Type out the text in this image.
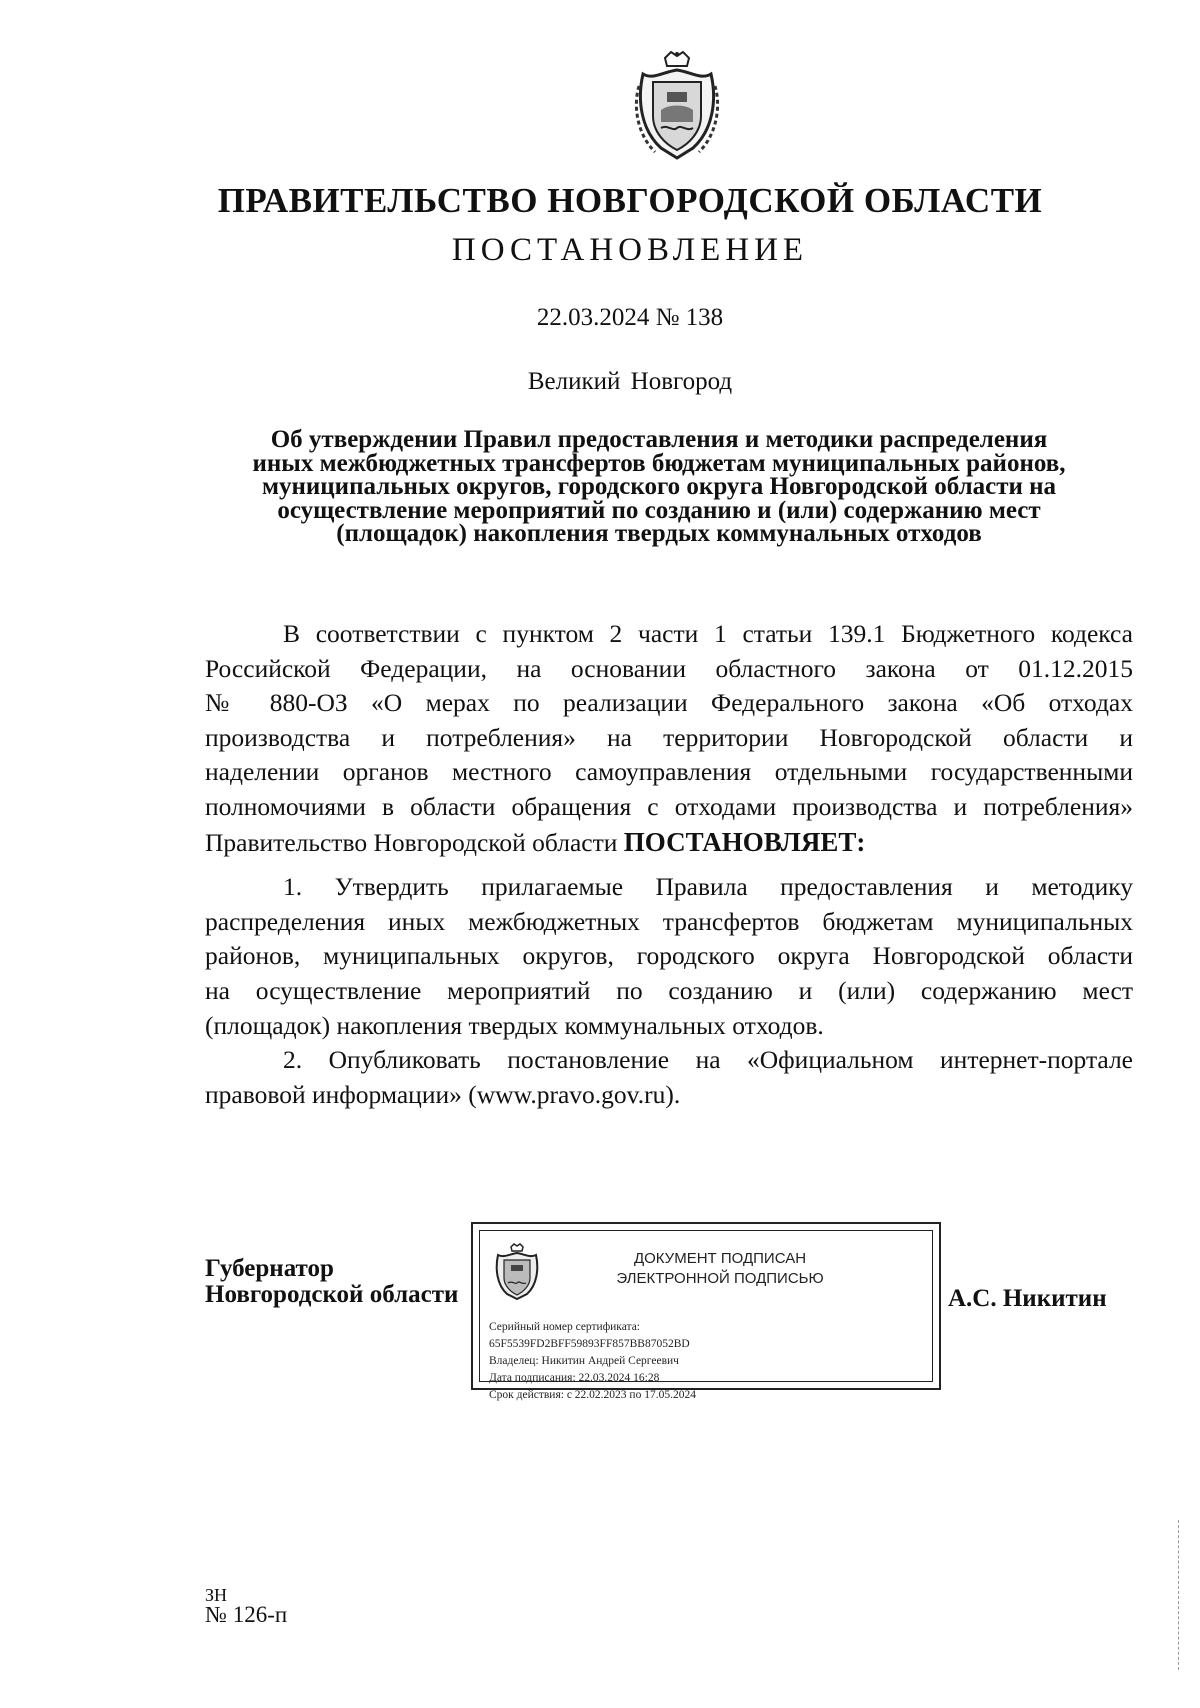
ПРАВИТЕЛЬСТВО НОВГОРОДСКОЙ ОБЛАСТИ
ПОСТАНОВЛЕНИЕ
22.03.2024 № 138
Великий Новгород
Об утверждении Правил предоставления и методики распределения
иных межбюджетных трансфертов бюджетам муниципальных районов,
муниципальных округов, городского округа Новгородской области на
осуществление мероприятий по созданию и (или) содержанию мест
(площадок) накопления твердых коммунальных отходов
В соответствии с пунктом 2 части 1 статьи 139.1 Бюджетного кодекса
Российской Федерации, на основании областного закона от 01.12.2015
№ 880-ОЗ «О мерах по реализации Федерального закона «Об отходах
производства и потребления» на территории Новгородской области и
наделении органов местного самоуправления отдельными государственными
полномочиями в области обращения с отходами производства и потребления»
Правительство Новгородской области ПОСТАНОВЛЯЕТ:
1. Утвердить прилагаемые Правила предоставления и методику
распределения иных межбюджетных трансфертов бюджетам муниципальных
районов, муниципальных округов, городского округа Новгородской области
на осуществление мероприятий по созданию и (или) содержанию мест
(площадок) накопления твердых коммунальных отходов.
2. Опубликовать постановление на «Официальном интернет-портале
правовой информации» (www.pravo.gov.ru).
Губернатор
Новгородской области
ДОКУМЕНТ ПОДПИСАН
ЭЛЕКТРОННОЙ ПОДПИСЬЮ
Серийный номер сертификата:
65F5539FD2BFF59893FF857BB87052BD
Владелец: Никитин Андрей Сергеевич
Дата подписания: 22.03.2024 16:28
Срок действия: с 22.02.2023 по 17.05.2024
А.С. Никитин
ЗН
№ 126-п
